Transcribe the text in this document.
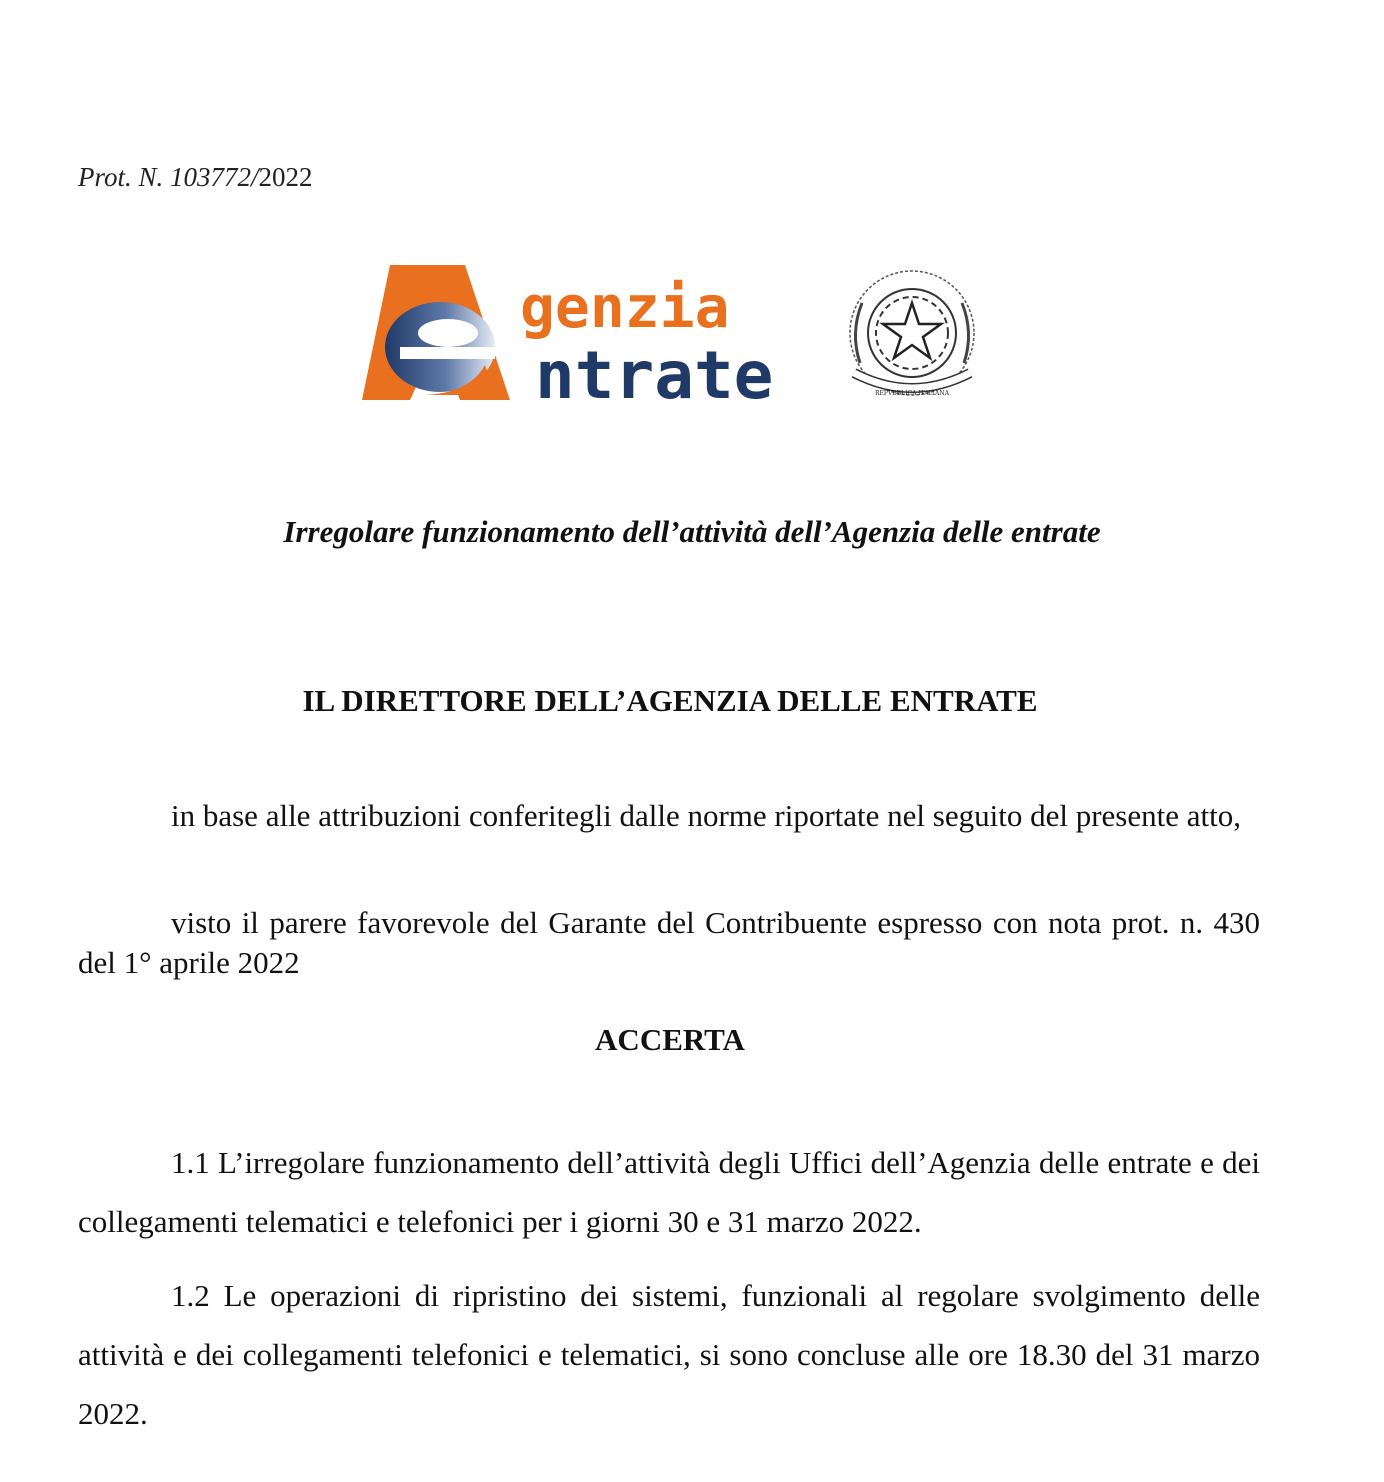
Prot. N. 103772/2022
genzia
ntrate	REPVBBLICA ITALIANA
Irregolare funzionamento dell’attività dell’Agenzia delle entrate
IL DIRETTORE DELL’AGENZIA DELLE ENTRATE

in base alle attribuzioni conferitegli dalle norme riportate nel seguito del presente atto,

visto il parere favorevole del Garante del Contribuente espresso con nota prot. n. 430 del 1° aprile 2022

ACCERTA

1.1 L’irregolare funzionamento dell’attività degli Uffici dell’Agenzia delle entrate e dei collegamenti telematici e telefonici per i giorni 30 e 31 marzo 2022.

1.2 Le operazioni di ripristino dei sistemi, funzionali al regolare svolgimento delle attività e dei collegamenti telefonici e telematici, si sono concluse alle ore 18.30 del 31 marzo 2022.
